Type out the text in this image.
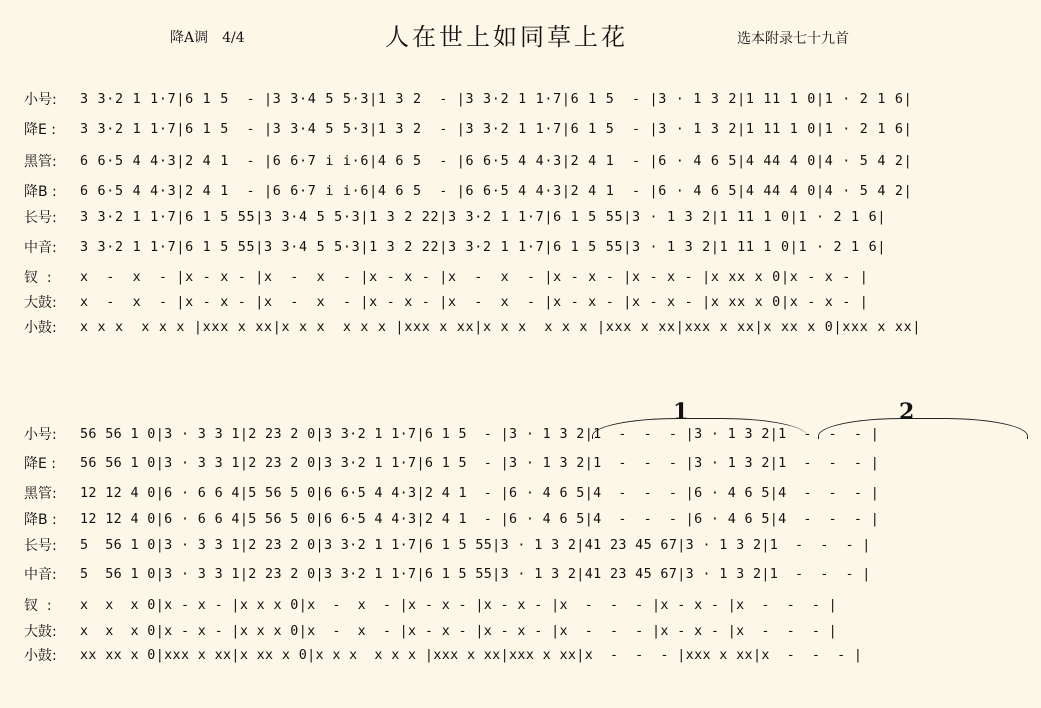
降A调　4/4	人在世上如同草上花	选本附录七十九首
1	2
小号:	3 3·2 1 1·7|6 1 5  - |3 3·4 5 5·3|1 3 2  - |3 3·2 1 1·7|6 1 5  - |3 · 1 3 2|1 11 1 0|1 · 2 1 6|
降E :	3 3·2 1 1·7|6 1 5  - |3 3·4 5 5·3|1 3 2  - |3 3·2 1 1·7|6 1 5  - |3 · 1 3 2|1 11 1 0|1 · 2 1 6|
黑管:	6 6·5 4 4·3|2 4 1  - |6 6·7 i i·6|4 6 5  - |6 6·5 4 4·3|2 4 1  - |6 · 4 6 5|4 44 4 0|4 · 5 4 2|
降B :	6 6·5 4 4·3|2 4 1  - |6 6·7 i i·6|4 6 5  - |6 6·5 4 4·3|2 4 1  - |6 · 4 6 5|4 44 4 0|4 · 5 4 2|
长号:	3 3·2 1 1·7|6 1 5 55|3 3·4 5 5·3|1 3 2 22|3 3·2 1 1·7|6 1 5 55|3 · 1 3 2|1 11 1 0|1 · 2 1 6|
中音:	3 3·2 1 1·7|6 1 5 55|3 3·4 5 5·3|1 3 2 22|3 3·2 1 1·7|6 1 5 55|3 · 1 3 2|1 11 1 0|1 · 2 1 6|
钗  :	x  -  x  - |x - x - |x  -  x  - |x - x - |x  -  x  - |x - x - |x - x - |x xx x 0|x - x - |
大鼓:	x  -  x  - |x - x - |x  -  x  - |x - x - |x  -  x  - |x - x - |x - x - |x xx x 0|x - x - |
小鼓:	x x x  x x x |xxx x xx|x x x  x x x |xxx x xx|x x x  x x x |xxx x xx|xxx x xx|x xx x 0|xxx x xx|
小号:	56 56 1 0|3 · 3 3 1|2 23 2 0|3 3·2 1 1·7|6 1 5  - |3 · 1 3 2|1  -  -  - |3 · 1 3 2|1  -  -  - |
降E :	56 56 1 0|3 · 3 3 1|2 23 2 0|3 3·2 1 1·7|6 1 5  - |3 · 1 3 2|1  -  -  - |3 · 1 3 2|1  -  -  - |
黑管:	12 12 4 0|6 · 6 6 4|5 56 5 0|6 6·5 4 4·3|2 4 1  - |6 · 4 6 5|4  -  -  - |6 · 4 6 5|4  -  -  - |
降B :	12 12 4 0|6 · 6 6 4|5 56 5 0|6 6·5 4 4·3|2 4 1  - |6 · 4 6 5|4  -  -  - |6 · 4 6 5|4  -  -  - |
长号:	5  56 1 0|3 · 3 3 1|2 23 2 0|3 3·2 1 1·7|6 1 5 55|3 · 1 3 2|41 23 45 67|3 · 1 3 2|1  -  -  - |
中音:	5  56 1 0|3 · 3 3 1|2 23 2 0|3 3·2 1 1·7|6 1 5 55|3 · 1 3 2|41 23 45 67|3 · 1 3 2|1  -  -  - |
钗  :	x  x  x 0|x - x - |x x x 0|x  -  x  - |x - x - |x - x - |x  -  -  - |x - x - |x  -  -  - |
大鼓:	x  x  x 0|x - x - |x x x 0|x  -  x  - |x - x - |x - x - |x  -  -  - |x - x - |x  -  -  - |
小鼓:	xx xx x 0|xxx x xx|x xx x 0|x x x  x x x |xxx x xx|xxx x xx|x  -  -  - |xxx x xx|x  -  -  - |
